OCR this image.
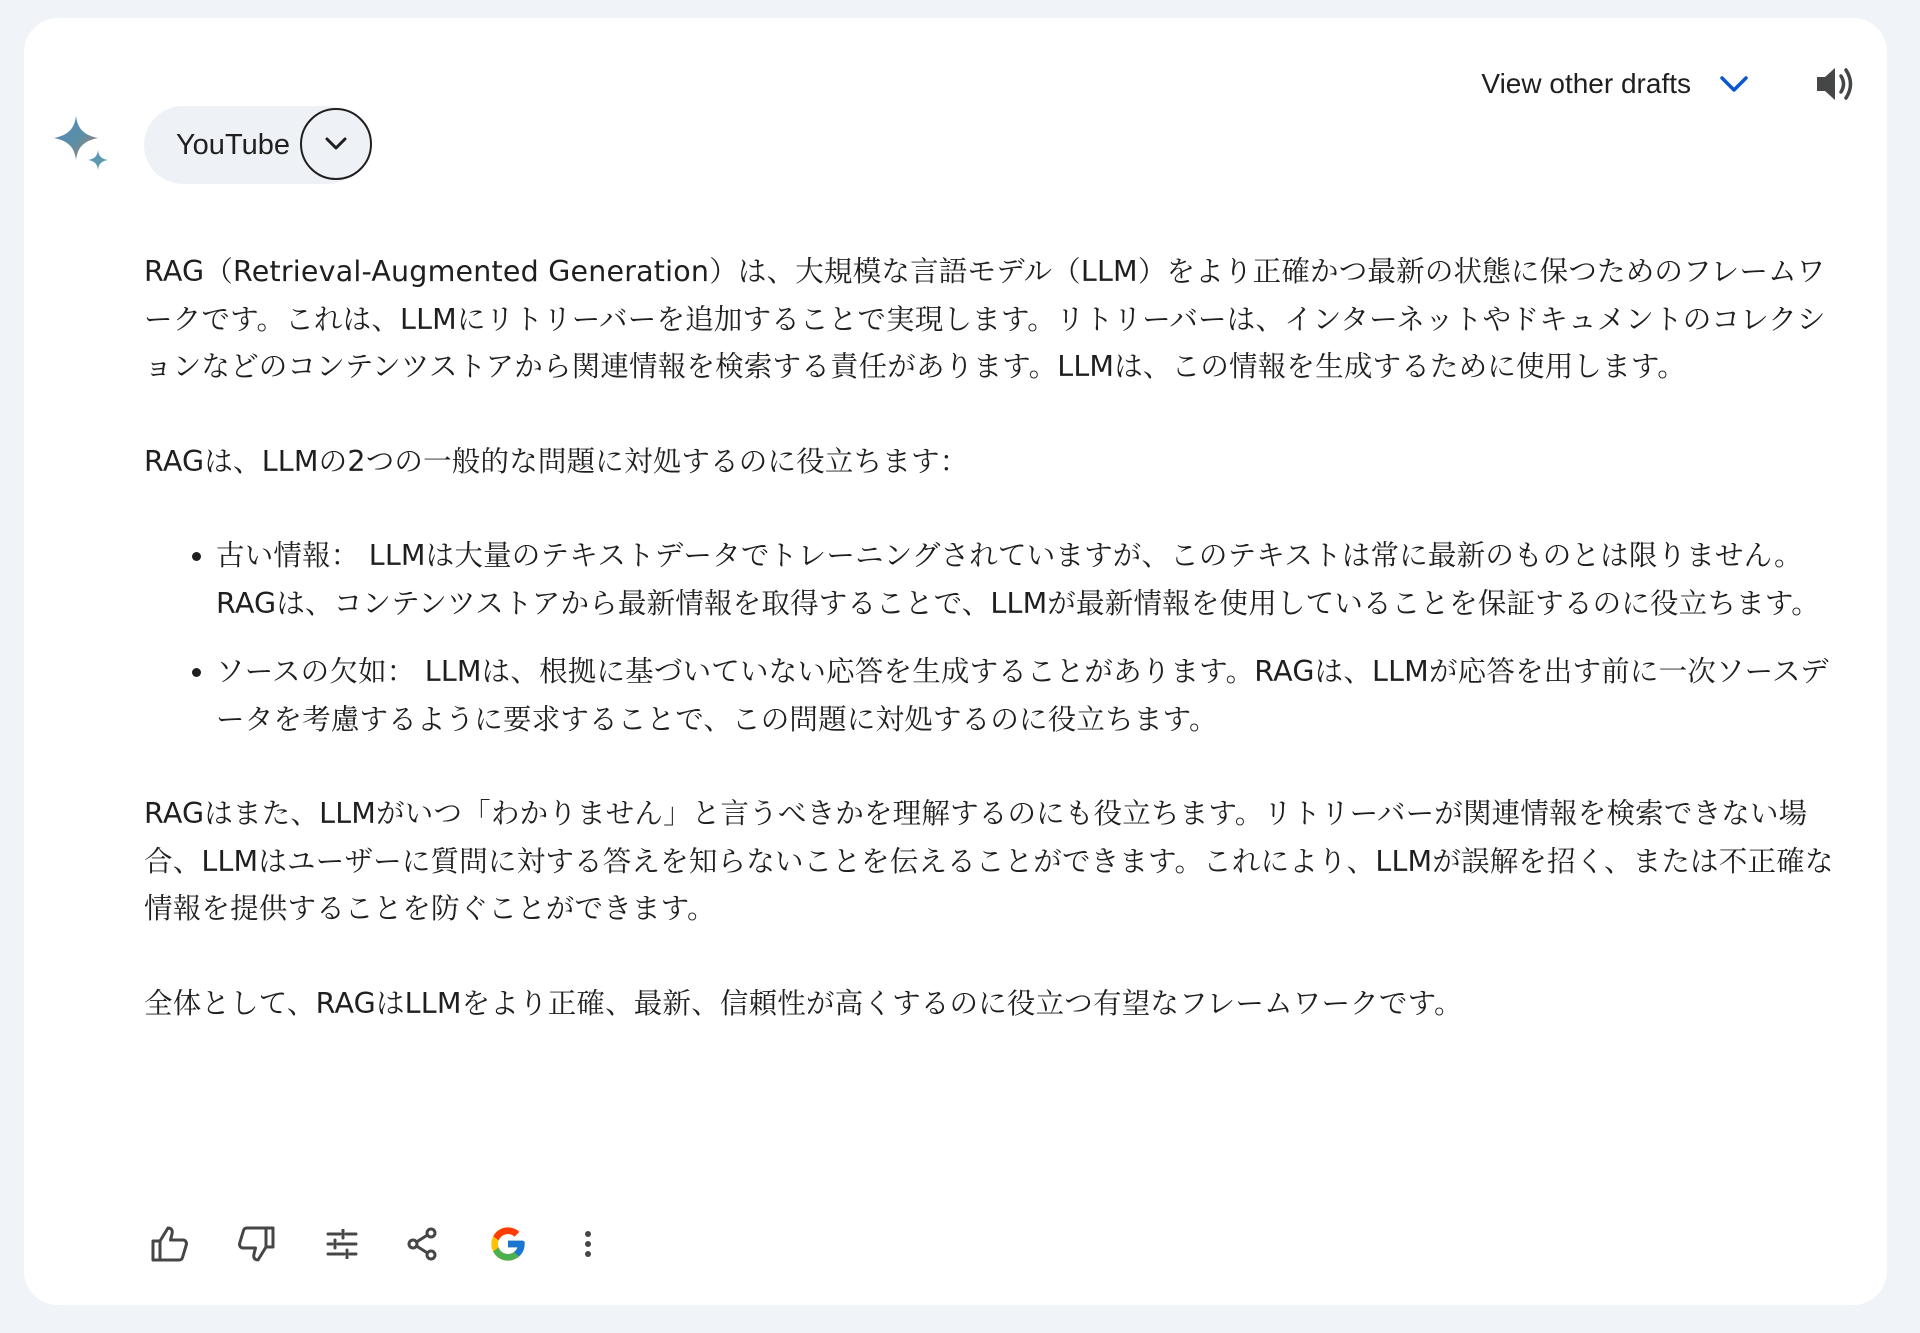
View other drafts
YouTube

RAG（Retrieval-Augmented Generation）は、大規模な言語モデル（LLM）をより正確かつ最新の状態に保つためのフレームワークです。これは、LLMにリトリーバーを追加することで実現します。リトリーバーは、インターネットやドキュメントのコレクションなどのコンテンツストアから関連情報を検索する責任があります。LLMは、この情報を生成するために使用します。

RAGは、LLMの2つの一般的な問題に対処するのに役立ちます：

• 古い情報： LLMは大量のテキストデータでトレーニングされていますが、このテキストは常に最新のものとは限りません。RAGは、コンテンツストアから最新情報を取得することで、LLMが最新情報を使用していることを保証するのに役立ちます。
• ソースの欠如： LLMは、根拠に基づいていない応答を生成することがあります。RAGは、LLMが応答を出す前に一次ソースデータを考慮するように要求することで、この問題に対処するのに役立ちます。

RAGはまた、LLMがいつ「わかりません」と言うべきかを理解するのにも役立ちます。リトリーバーが関連情報を検索できない場合、LLMはユーザーに質問に対する答えを知らないことを伝えることができます。これにより、LLMが誤解を招く、または不正確な情報を提供することを防ぐことができます。

全体として、RAGはLLMをより正確、最新、信頼性が高くするのに役立つ有望なフレームワークです。
